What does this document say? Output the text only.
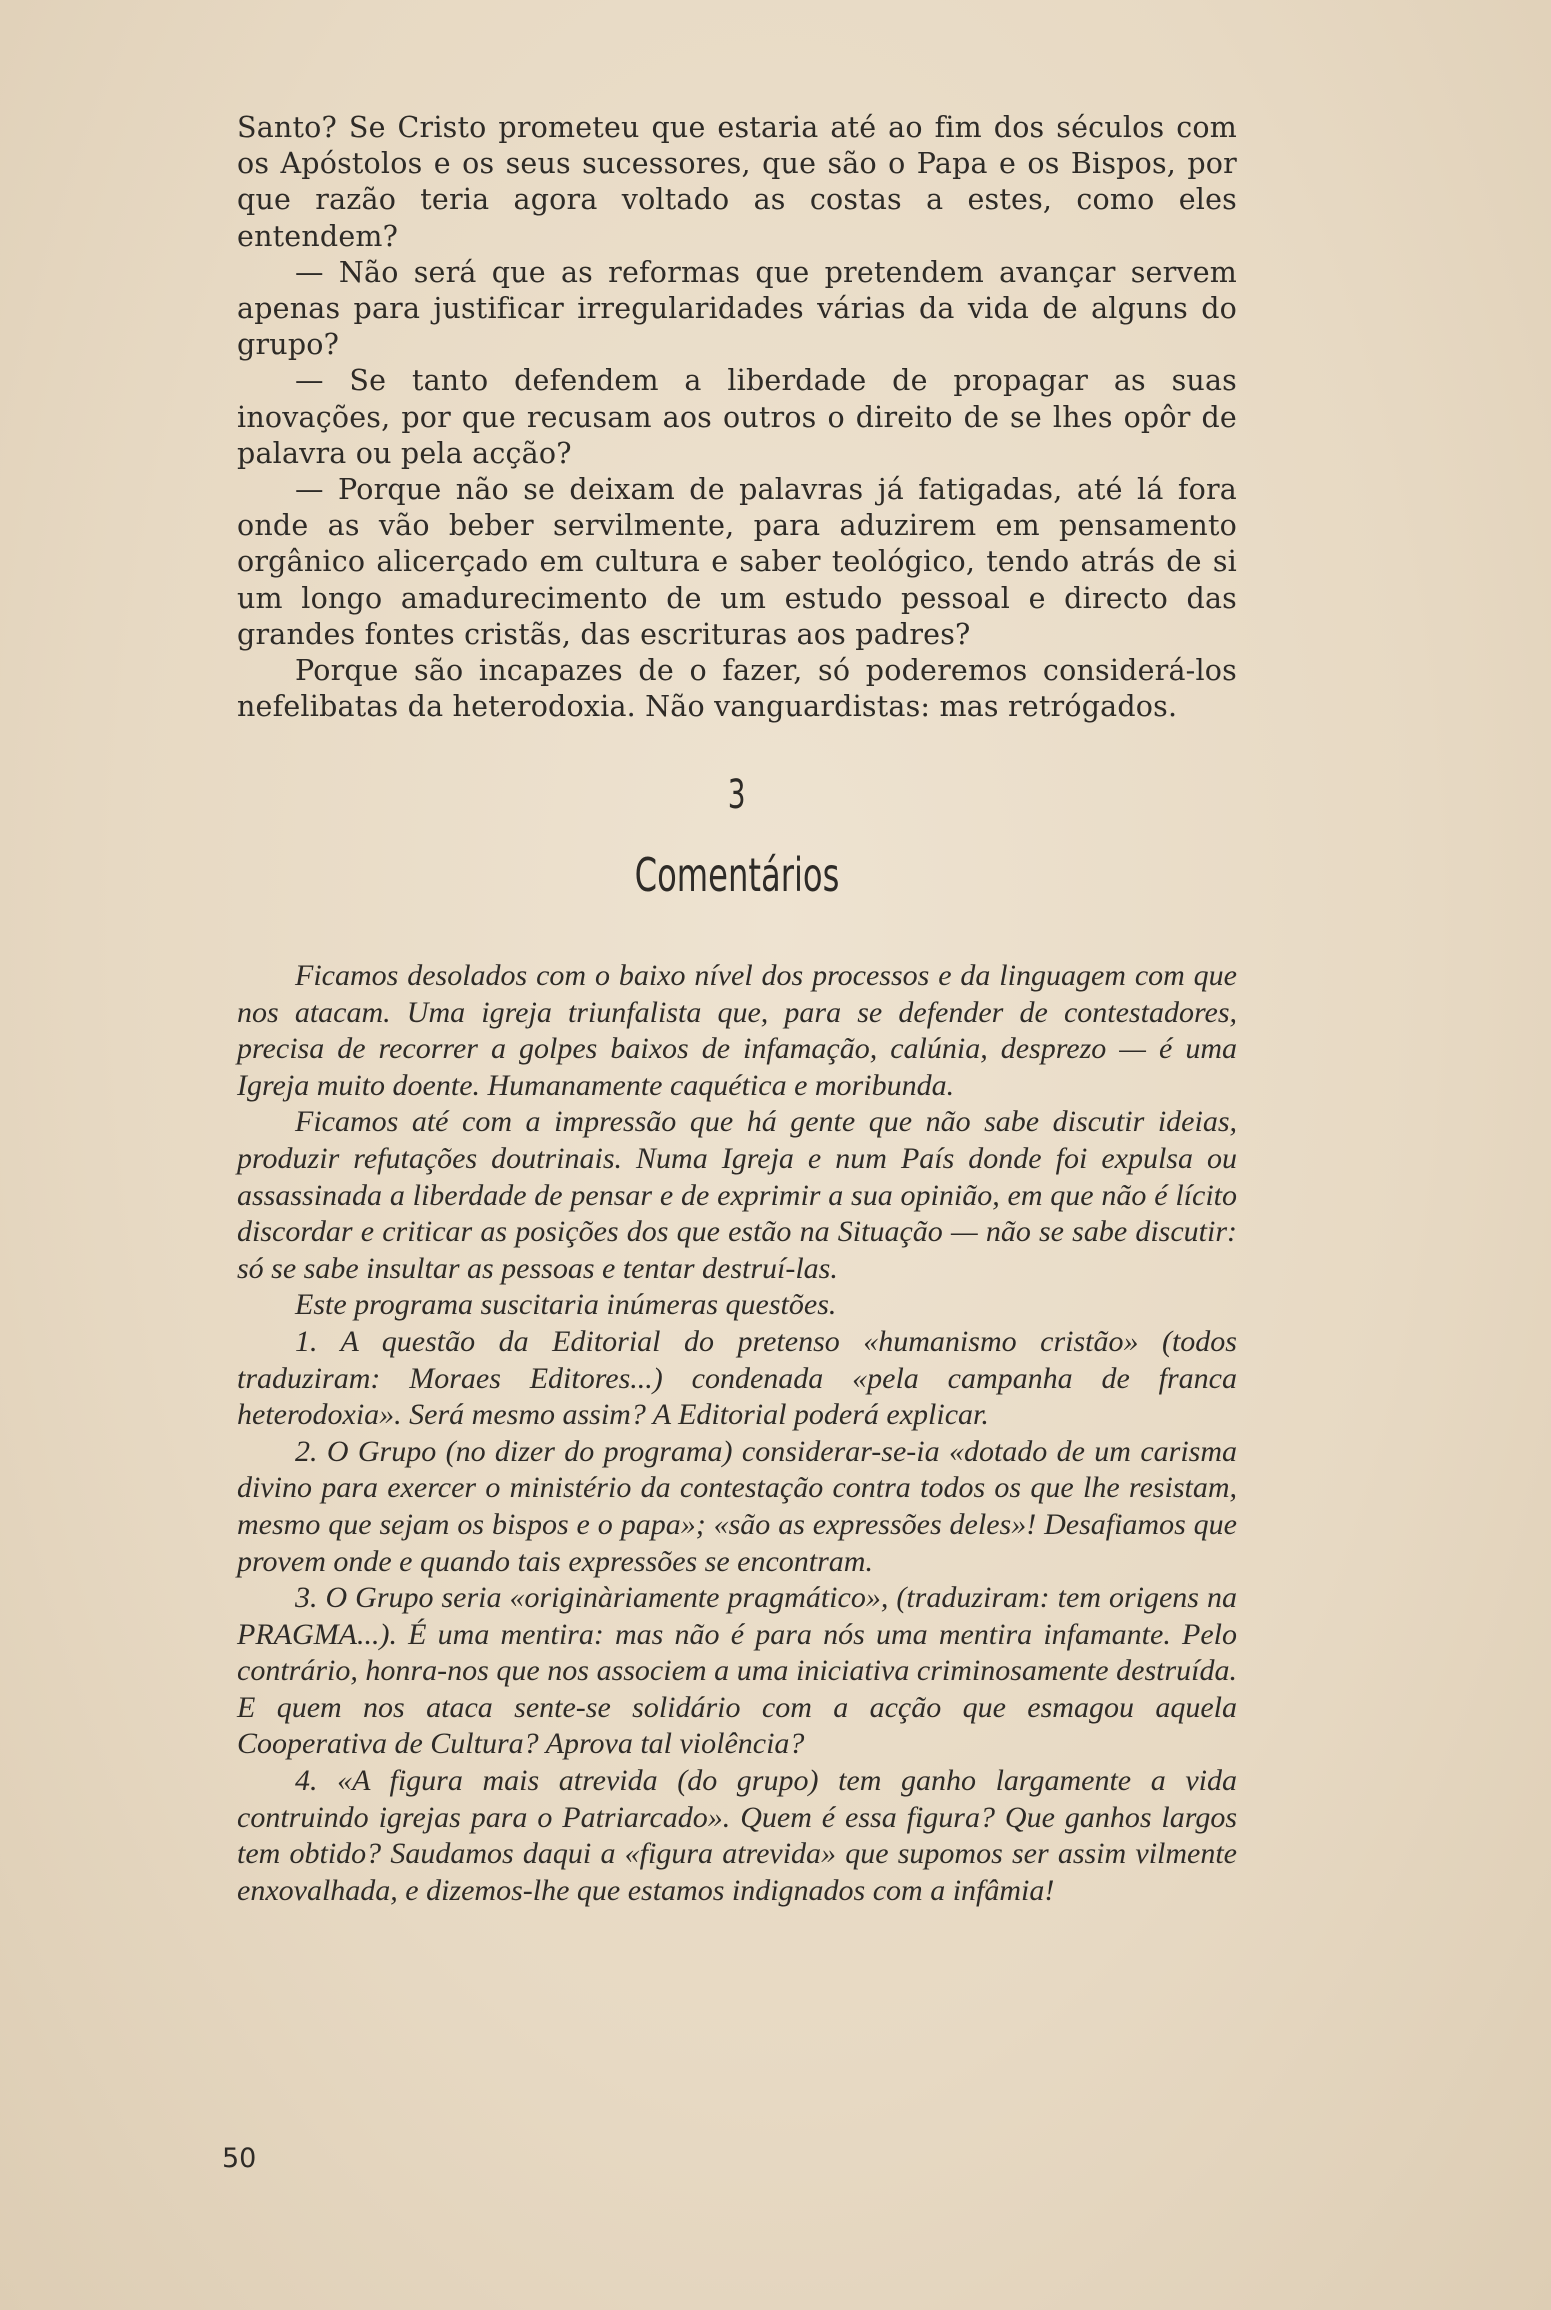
Santo? Se Cristo prometeu que estaria até ao fim dos séculos com os Apóstolos e os seus sucessores, que são o Papa e os Bispos, por que razão teria agora voltado as costas a estes, como eles entendem?

— Não será que as reformas que pretendem avançar servem apenas para justificar irregularidades várias da vida de alguns do grupo?

— Se tanto defendem a liberdade de propagar as suas inovações, por que recusam aos outros o direito de se lhes opôr de palavra ou pela acção?

— Porque não se deixam de palavras já fatigadas, até lá fora onde as vão beber servilmente, para aduzirem em pensamento orgânico alicerçado em cultura e saber teológico, tendo atrás de si um longo amadurecimento de um estudo pessoal e directo das grandes fontes cristãs, das escrituras aos padres?

Porque são incapazes de o fazer, só poderemos considerá-los nefelibatas da heterodoxia. Não vanguardistas: mas retrógados.

3
Comentários

Ficamos desolados com o baixo nível dos processos e da linguagem com que nos atacam. Uma igreja triunfalista que, para se defender de contestadores, precisa de recorrer a golpes baixos de infamação, calúnia, desprezo — é uma Igreja muito doente. Humanamente caquética e moribunda.

Ficamos até com a impressão que há gente que não sabe discutir ideias, produzir refutações doutrinais. Numa Igreja e num País donde foi expulsa ou assassinada a liberdade de pensar e de exprimir a sua opinião, em que não é lícito discordar e criticar as posições dos que estão na Situação — não se sabe discutir: só se sabe insultar as pessoas e tentar destruí-las.

Este programa suscitaria inúmeras questões.

1. A questão da Editorial do pretenso «humanismo cristão» (todos traduziram: Moraes Editores...) condenada «pela campanha de franca heterodoxia». Será mesmo assim? A Editorial poderá explicar.

2. O Grupo (no dizer do programa) considerar-se-ia «dotado de um carisma divino para exercer o ministério da contestação contra todos os que lhe resistam, mesmo que sejam os bispos e o papa»; «são as expressões deles»! Desafiamos que provem onde e quando tais expressões se encontram.

3. O Grupo seria «originàriamente pragmático», (traduziram: tem origens na PRAGMA...). É uma mentira: mas não é para nós uma mentira infamante. Pelo contrário, honra-nos que nos associem a uma iniciativa criminosamente destruída. E quem nos ataca sente-se solidário com a acção que esmagou aquela Cooperativa de Cultura? Aprova tal violência?

4. «A figura mais atrevida (do grupo) tem ganho largamente a vida contruindo igrejas para o Patriarcado». Quem é essa figura? Que ganhos largos tem obtido? Saudamos daqui a «figura atrevida» que supomos ser assim vilmente enxovalhada, e dizemos-lhe que estamos indignados com a infâmia!

50
